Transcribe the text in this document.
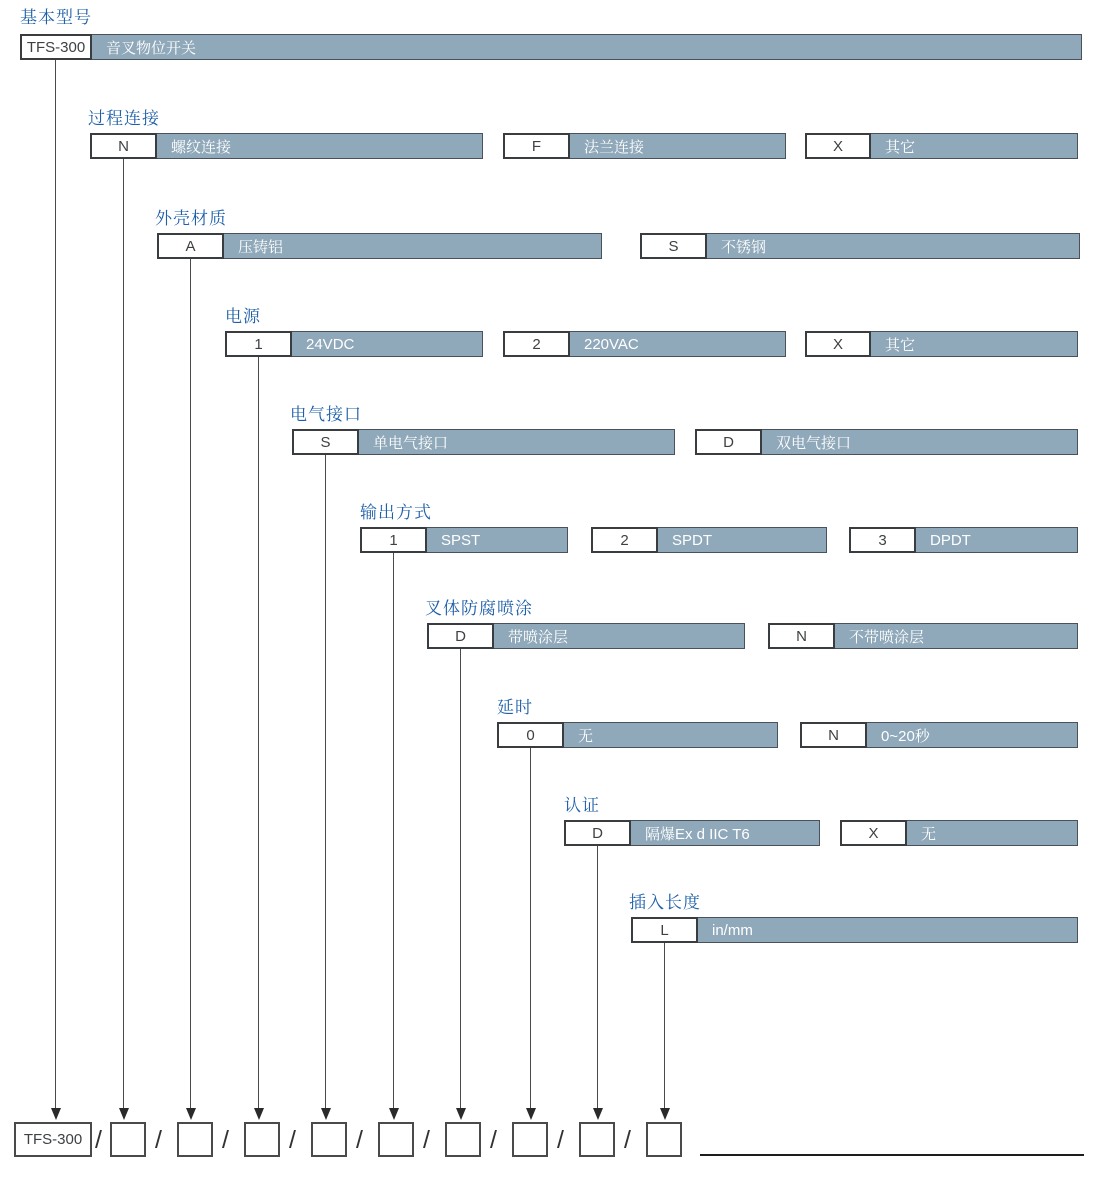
基本型号
TFS-300	音叉物位开关
过程连接
N	螺纹连接	F	法兰连接	X	其它
外壳材质
A	压铸铝	S	不锈钢
电源
1	24VDC	2	220VAC	X	其它
电气接口
S	单电气接口	D	双电气接口
输出方式
1	SPST	2	SPDT	3	DPDT
叉体防腐喷涂
D	带喷涂层	N	不带喷涂层
延时
0	无	N	0~20秒
认证
D	隔爆Ex d IIC T6	X	无
插入长度
L	in/mm
TFS-300 / / / / / / / / /
